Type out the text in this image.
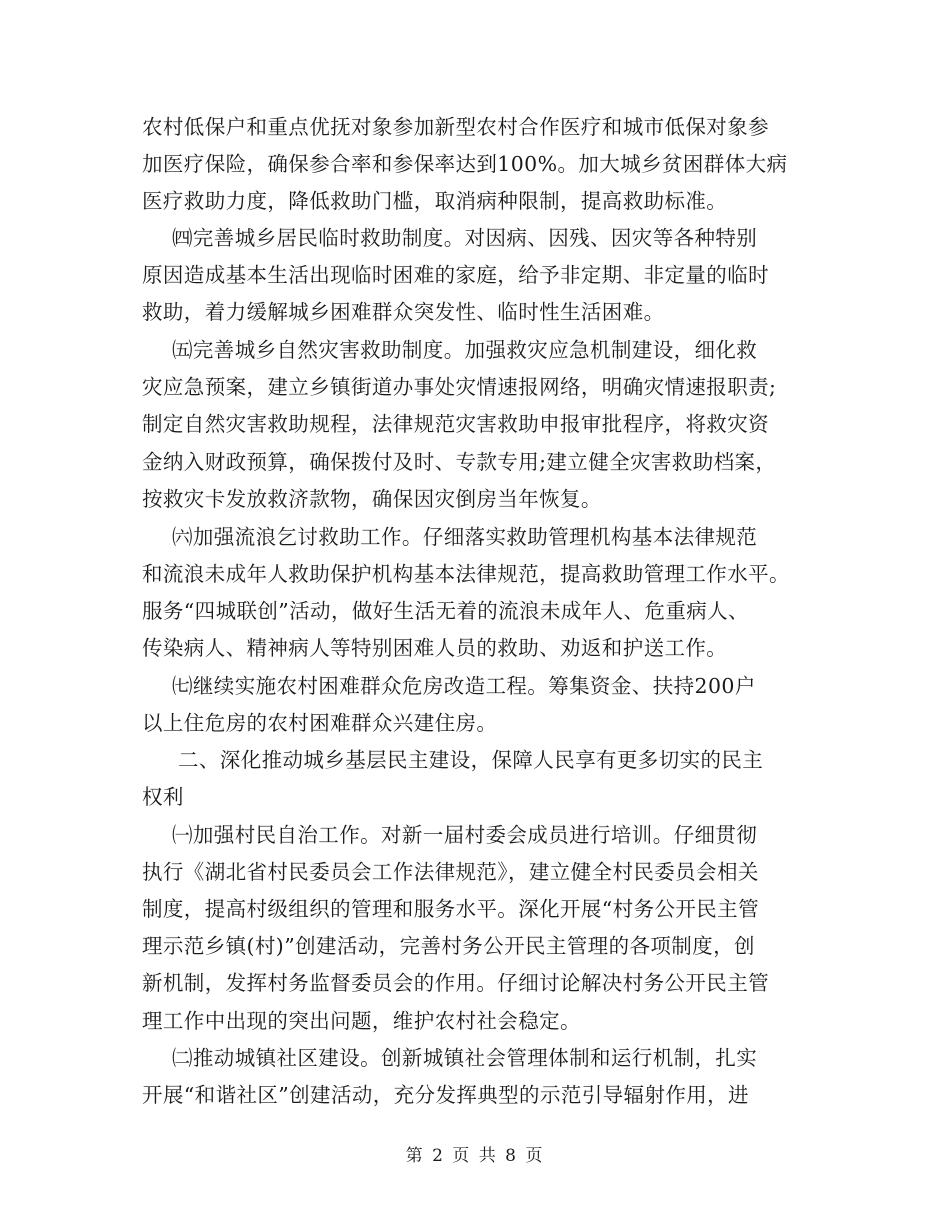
农村低保户和重点优抚对象参加新型农村合作医疗和城市低保对象参

加医疗保险，确保参合率和参保率达到100%。加大城乡贫困群体大病

医疗救助力度，降低救助门槛，取消病种限制，提高救助标准。

㈣完善城乡居民临时救助制度。对因病、因残、因灾等各种特别

原因造成基本生活出现临时困难的家庭，给予非定期、非定量的临时

救助，着力缓解城乡困难群众突发性、临时性生活困难。

㈤完善城乡自然灾害救助制度。加强救灾应急机制建设，细化救

灾应急预案，建立乡镇街道办事处灾情速报网络，明确灾情速报职责;

制定自然灾害救助规程，法律规范灾害救助申报审批程序，将救灾资

金纳入财政预算，确保拨付及时、专款专用;建立健全灾害救助档案，

按救灾卡发放救济款物，确保因灾倒房当年恢复。

㈥加强流浪乞讨救助工作。仔细落实救助管理机构基本法律规范

和流浪未成年人救助保护机构基本法律规范，提高救助管理工作水平。

服务“四城联创”活动，做好生活无着的流浪未成年人、危重病人、

传染病人、精神病人等特别困难人员的救助、劝返和护送工作。

㈦继续实施农村困难群众危房改造工程。筹集资金、扶持200户

以上住危房的农村困难群众兴建住房。

二、深化推动城乡基层民主建设，保障人民享有更多切实的民主

权利

㈠加强村民自治工作。对新一届村委会成员进行培训。仔细贯彻

执行《湖北省村民委员会工作法律规范》，建立健全村民委员会相关

制度，提高村级组织的管理和服务水平。深化开展“村务公开民主管

理示范乡镇(村)”创建活动，完善村务公开民主管理的各项制度，创

新机制，发挥村务监督委员会的作用。仔细讨论解决村务公开民主管

理工作中出现的突出问题，维护农村社会稳定。

㈡推动城镇社区建设。创新城镇社会管理体制和运行机制，扎实

开展“和谐社区”创建活动，充分发挥典型的示范引导辐射作用，进

第 2 页 共 8 页
